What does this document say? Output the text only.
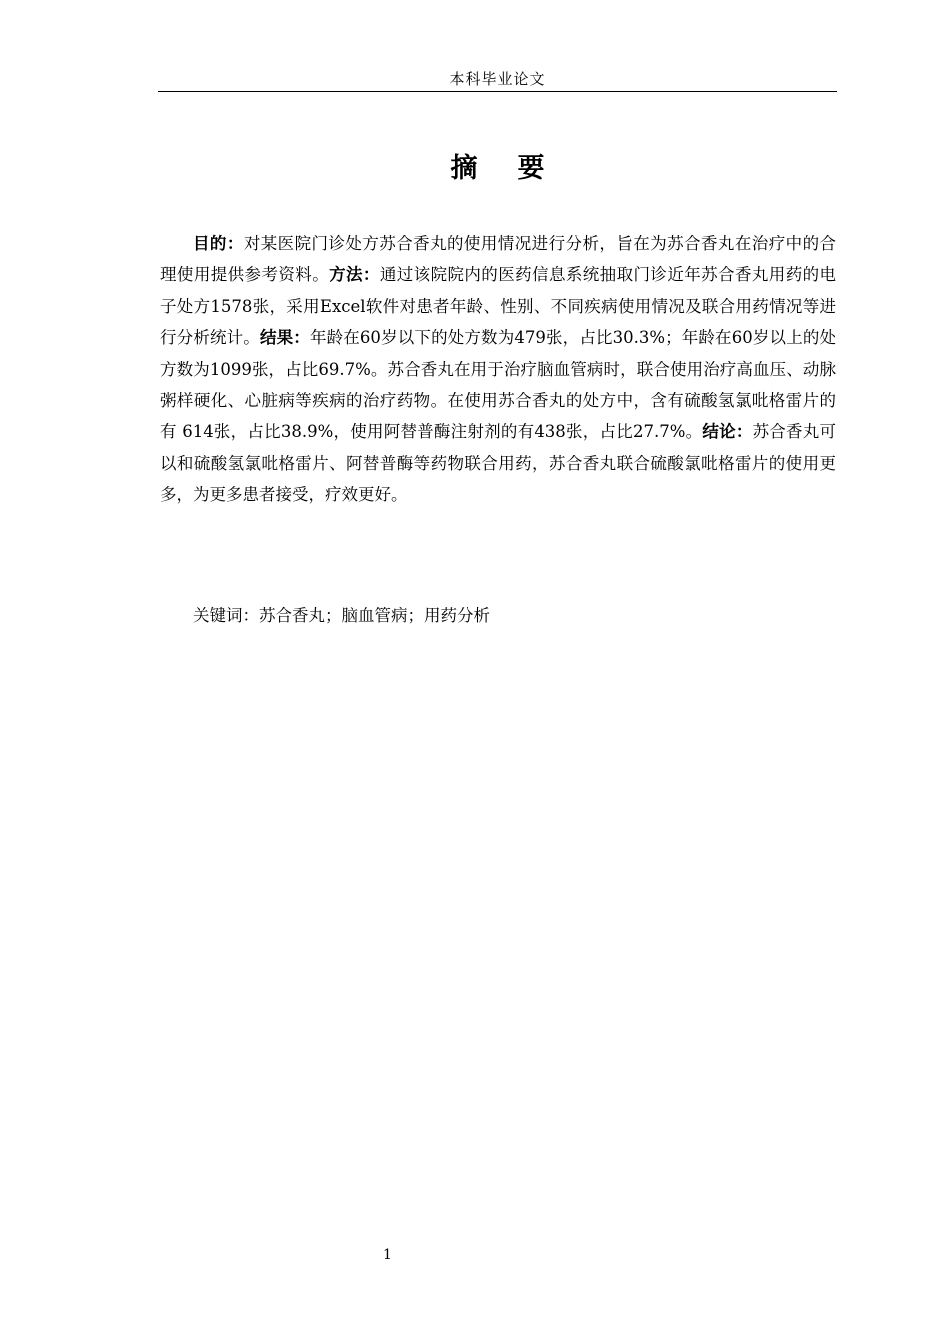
本科毕业论文
摘 要

目的：对某医院门诊处方苏合香丸的使用情况进行分析，旨在为苏合香丸在治疗中的合理使用提供参考资料。方法：通过该院院内的医药信息系统抽取门诊近年苏合香丸用药的电子处方1578张，采用Excel软件对患者年龄、性别、不同疾病使用情况及联合用药情况等进行分析统计。结果：年龄在60岁以下的处方数为479张，占比30.3%；年龄在60岁以上的处方数为1099张，占比69.7%。苏合香丸在用于治疗脑血管病时，联合使用治疗高血压、动脉粥样硬化、心脏病等疾病的治疗药物。在使用苏合香丸的处方中，含有硫酸氢氯吡格雷片的有 614张，占比38.9%，使用阿替普酶注射剂的有438张，占比27.7%。结论：苏合香丸可以和硫酸氢氯吡格雷片、阿替普酶等药物联合用药，苏合香丸联合硫酸氯吡格雷片的使用更多，为更多患者接受，疗效更好。

关键词：苏合香丸；脑血管病；用药分析

1
